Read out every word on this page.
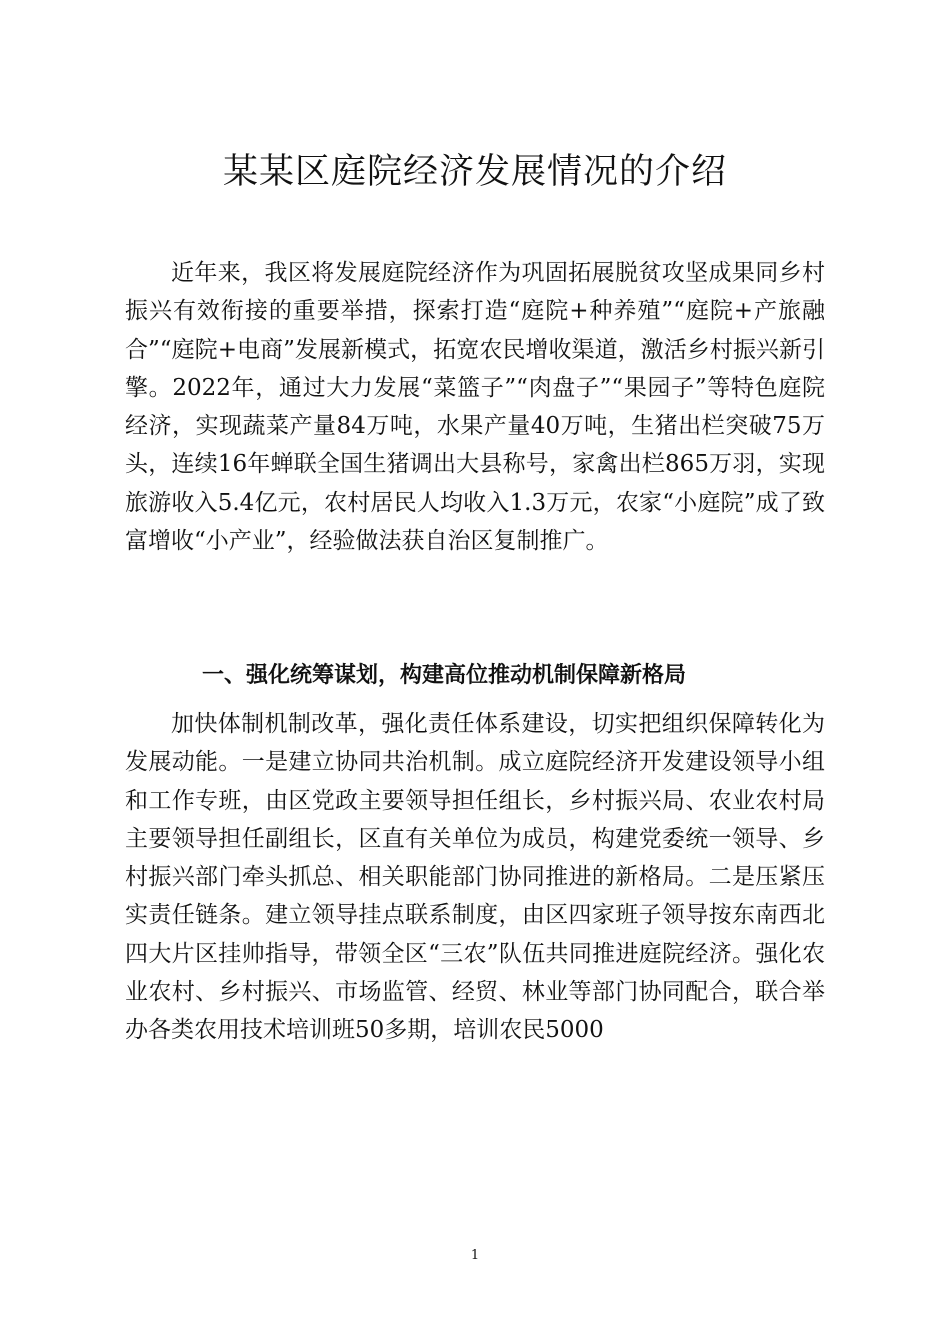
某某区庭院经济发展情况的介绍

近年来，我区将发展庭院经济作为巩固拓展脱贫攻坚成果同乡村振兴有效衔接的重要举措，探索打造“庭院+种养殖”“庭院+产旅融合”“庭院+电商”发展新模式，拓宽农民增收渠道，激活乡村振兴新引擎。2022年，通过大力发展“菜篮子”“肉盘子”“果园子”等特色庭院经济，实现蔬菜产量84万吨，水果产量40万吨，生猪出栏突破75万头，连续16年蝉联全国生猪调出大县称号，家禽出栏865万羽，实现旅游收入5.4亿元，农村居民人均收入1.3万元，农家“小庭院”成了致富增收“小产业”，经验做法获自治区复制推广。

一、强化统筹谋划，构建高位推动机制保障新格局

加快体制机制改革，强化责任体系建设，切实把组织保障转化为发展动能。一是建立协同共治机制。成立庭院经济开发建设领导小组和工作专班，由区党政主要领导担任组长，乡村振兴局、农业农村局主要领导担任副组长，区直有关单位为成员，构建党委统一领导、乡村振兴部门牵头抓总、相关职能部门协同推进的新格局。二是压紧压实责任链条。建立领导挂点联系制度，由区四家班子领导按东南西北四大片区挂帅指导，带领全区“三农”队伍共同推进庭院经济。强化农业农村、乡村振兴、市场监管、经贸、林业等部门协同配合，联合举办各类农用技术培训班50多期，培训农民5000

1
